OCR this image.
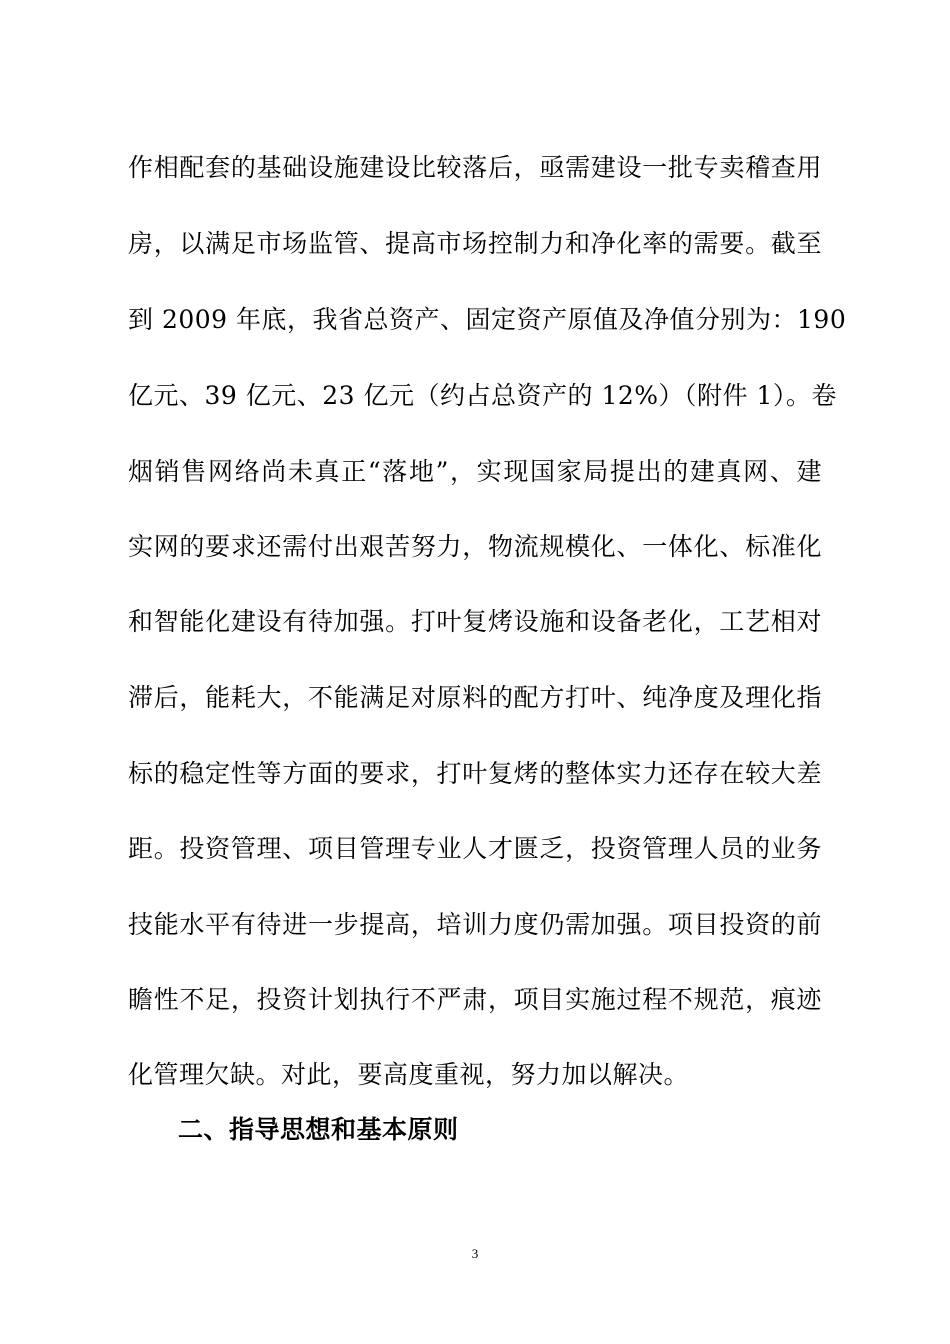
作相配套的基础设施建设比较落后，亟需建设一批专卖稽查用
房，以满足市场监管、提高市场控制力和净化率的需要。截至
到 2009 年底，我省总资产、固定资产原值及净值分别为：190
亿元、39 亿元、23 亿元（约占总资产的 12%）（附件 1）。卷
烟销售网络尚未真正“落地”，实现国家局提出的建真网、建
实网的要求还需付出艰苦努力，物流规模化、一体化、标准化
和智能化建设有待加强。打叶复烤设施和设备老化，工艺相对
滞后，能耗大，不能满足对原料的配方打叶、纯净度及理化指
标的稳定性等方面的要求，打叶复烤的整体实力还存在较大差
距。投资管理、项目管理专业人才匮乏，投资管理人员的业务
技能水平有待进一步提高，培训力度仍需加强。项目投资的前
瞻性不足，投资计划执行不严肃，项目实施过程不规范，痕迹
化管理欠缺。对此，要高度重视，努力加以解决。
二、指导思想和基本原则
3
